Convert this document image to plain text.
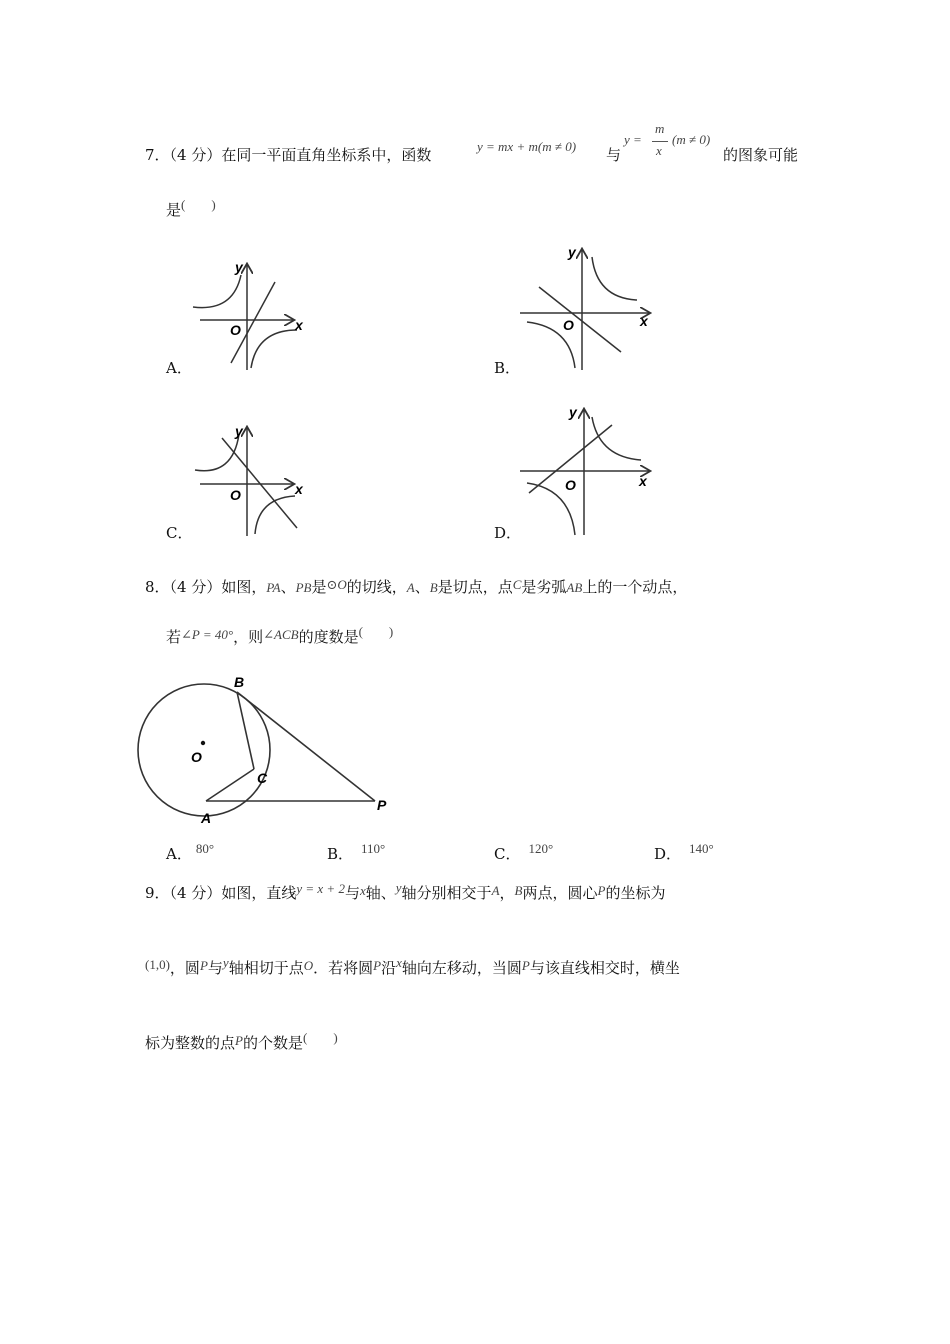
7．（4 分）在同一平面直角坐标系中，函数	y = mx + m(m ≠ 0) 与
y =
m
x
(m ≠ 0)
的图象可能
是(　　)
A．
O	x
y
B．
O	x
y
C．
O	x
y
D．
O	x
y
8．（4 分）如图，PA、PB是⊙O的切线，A、B是切点，点C是劣弧AB上的一个动点，
若∠P = 40°，则∠ACB的度数是(　　)
B
O
C
A
P
A． 80°	B． 110°	C． 120°	D． 140°
9．（4 分）如图，直线y = x + 2与x轴、y轴分别相交于A，B两点，圆心P的坐标为
(1,0)，圆P与y轴相切于点O．若将圆P沿x轴向左移动，当圆P与该直线相交时，横坐
标为整数的点P的个数是(　　)
